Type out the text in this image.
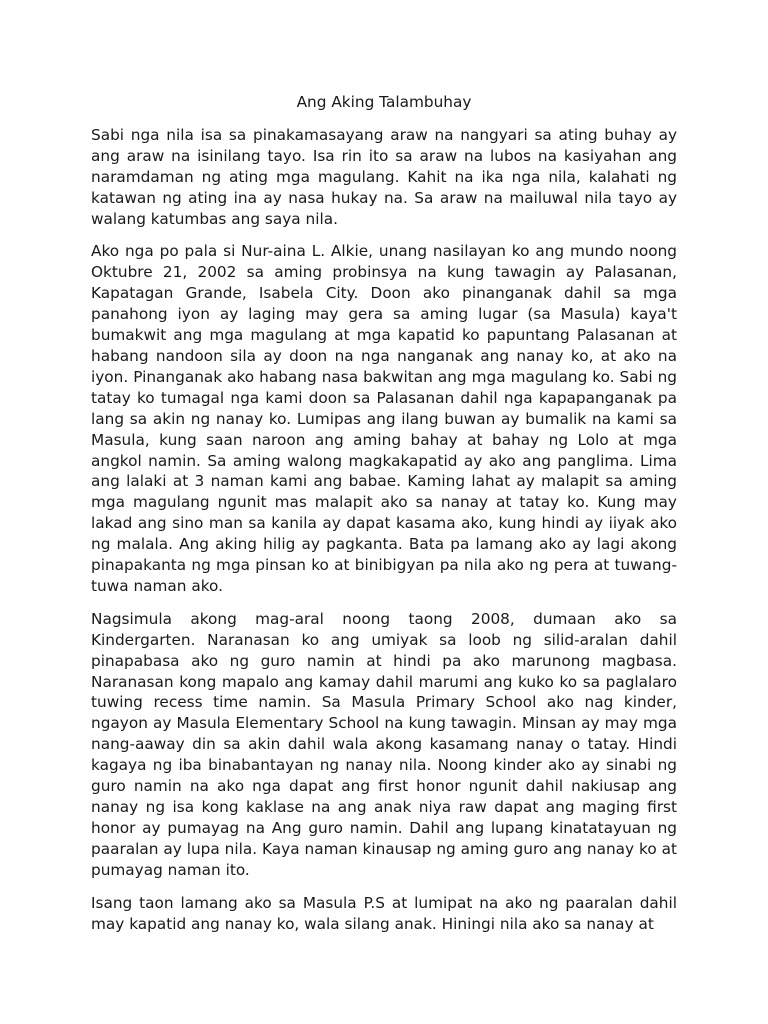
Ang Aking Talambuhay

Sabi nga nila isa sa pinakamasayang araw na nangyari sa ating buhay ay ang araw na isinilang tayo. Isa rin ito sa araw na lubos na kasiyahan ang naramdaman ng ating mga magulang. Kahit na ika nga nila, kalahati ng katawan ng ating ina ay nasa hukay na. Sa araw na mailuwal nila tayo ay walang katumbas ang saya nila.

Ako nga po pala si Nur-aina L. Alkie, unang nasilayan ko ang mundo noong Oktubre 21, 2002 sa aming probinsya na kung tawagin ay Palasanan, Kapatagan Grande, Isabela City. Doon ako pinanganak dahil sa mga panahong iyon ay laging may gera sa aming lugar (sa Masula) kaya't bumakwit ang mga magulang at mga kapatid ko papuntang Palasanan at habang nandoon sila ay doon na nga nanganak ang nanay ko, at ako na iyon. Pinanganak ako habang nasa bakwitan ang mga magulang ko. Sabi ng tatay ko tumagal nga kami doon sa Palasanan dahil nga kapapanganak pa lang sa akin ng nanay ko. Lumipas ang ilang buwan ay bumalik na kami sa Masula, kung saan naroon ang aming bahay at bahay ng Lolo at mga angkol namin. Sa aming walong magkakapatid ay ako ang panglima. Lima ang lalaki at 3 naman kami ang babae. Kaming lahat ay malapit sa aming mga magulang ngunit mas malapit ako sa nanay at tatay ko. Kung may lakad ang sino man sa kanila ay dapat kasama ako, kung hindi ay iiyak ako ng malala. Ang aking hilig ay pagkanta. Bata pa lamang ako ay lagi akong pinapakanta ng mga pinsan ko at binibigyan pa nila ako ng pera at tuwang-tuwa naman ako.

Nagsimula akong mag-aral noong taong 2008, dumaan ako sa Kindergarten. Naranasan ko ang umiyak sa loob ng silid-aralan dahil pinapabasa ako ng guro namin at hindi pa ako marunong magbasa. Naranasan kong mapalo ang kamay dahil marumi ang kuko ko sa paglalaro tuwing recess time namin. Sa Masula Primary School ako nag kinder, ngayon ay Masula Elementary School na kung tawagin. Minsan ay may mga nang-aaway din sa akin dahil wala akong kasamang nanay o tatay. Hindi kagaya ng iba binabantayan ng nanay nila. Noong kinder ako ay sinabi ng guro namin na ako nga dapat ang first honor ngunit dahil nakiusap ang nanay ng isa kong kaklase na ang anak niya raw dapat ang maging first honor ay pumayag na Ang guro namin. Dahil ang lupang kinatatayuan ng paaralan ay lupa nila. Kaya naman kinausap ng aming guro ang nanay ko at pumayag naman ito.

Isang taon lamang ako sa Masula P.S at lumipat na ako ng paaralan dahil may kapatid ang nanay ko, wala silang anak. Hiningi nila ako sa nanay at
